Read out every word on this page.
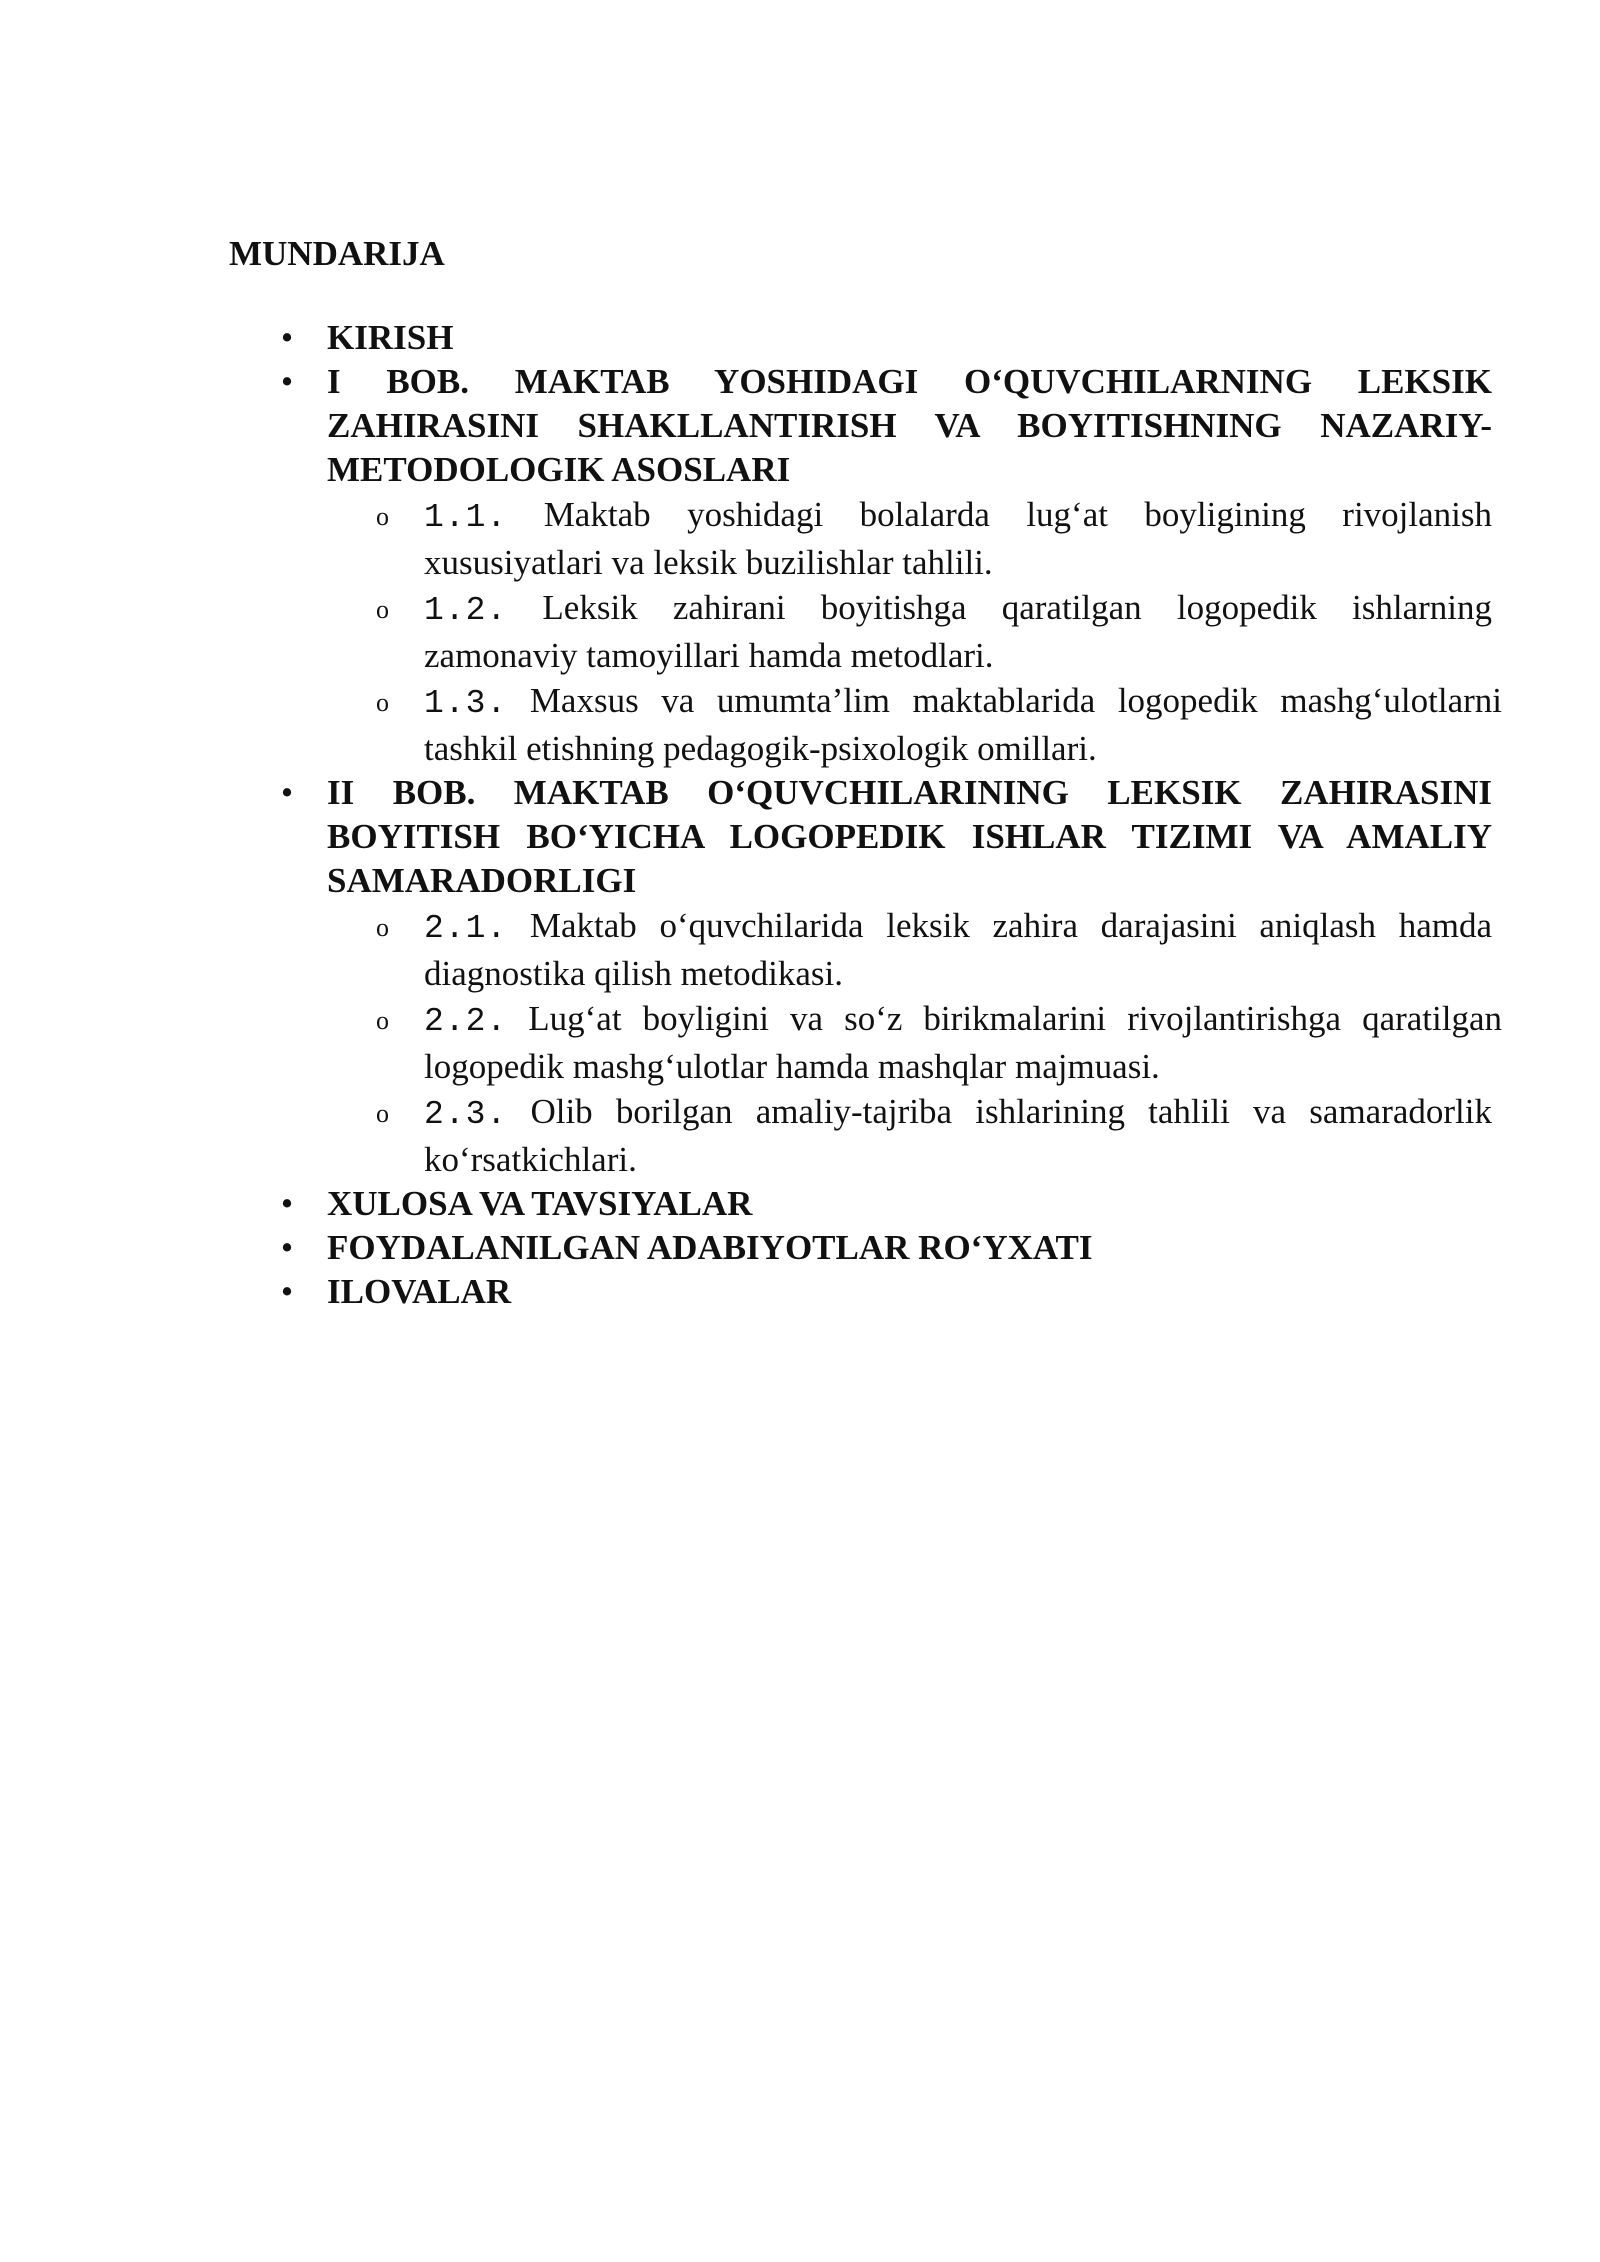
MUNDARIJA
• KIRISH
• I BOB. MAKTAB YOSHIDAGI O‘QUVCHILARNING LEKSIK ZAHIRASINI SHAKLLANTIRISH VA BOYITISHNING NAZARIY-METODOLOGIK ASOSLARI
o 1.1. Maktab yoshidagi bolalarda lug‘at boyligining rivojlanish xususiyatlari va leksik buzilishlar tahlili.
o 1.2. Leksik zahirani boyitishga qaratilgan logopedik ishlarning zamonaviy tamoyillari hamda metodlari.
o 1.3. Maxsus va umumta’lim maktablarida logopedik mashg‘ulotlarni tashkil etishning pedagogik-psixologik omillari.
• II BOB. MAKTAB O‘QUVCHILARINING LEKSIK ZAHIRASINI BOYITISH BO‘YICHA LOGOPEDIK ISHLAR TIZIMI VA AMALIY SAMARADORLIGI
o 2.1. Maktab o‘quvchilarida leksik zahira darajasini aniqlash hamda diagnostika qilish metodikasi.
o 2.2. Lug‘at boyligini va so‘z birikmalarini rivojlantirishga qaratilgan logopedik mashg‘ulotlar hamda mashqlar majmuasi.
o 2.3. Olib borilgan amaliy-tajriba ishlarining tahlili va samaradorlik ko‘rsatkichlari.
• XULOSA VA TAVSIYALAR
• FOYDALANILGAN ADABIYOTLAR RO‘YXATI
• ILOVALAR
